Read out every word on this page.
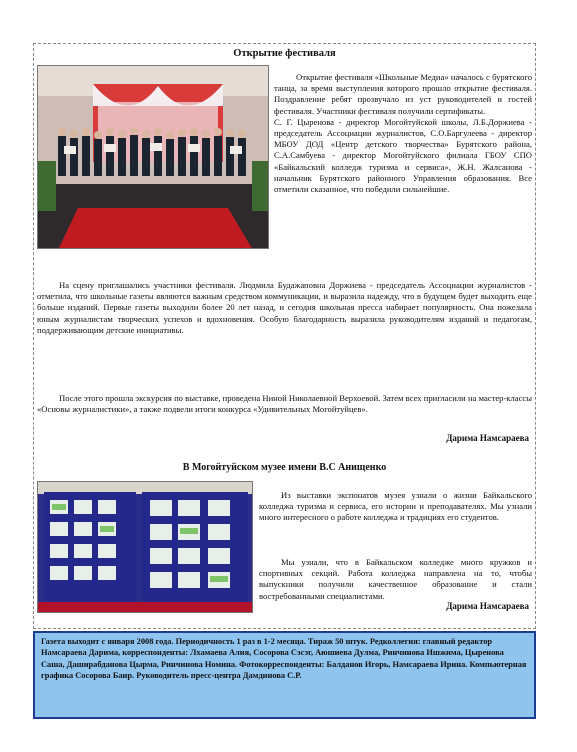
Открытие фестиваля

Открытие фестиваля «Школьные Медиа» началось с бурятского танца, за время выступления которого прошло открытие фестиваля. Поздравление ребят прозвучало из уст руководителей и гостей фестиваля. Участники фестиваля получили сертификаты.

С. Г. Цыренова - директор Могойтуйской школы, Л.Б.Доржиева - председатель Ассоциации журналистов, С.О.Баргулеева - директор МБОУ ДОД «Центр детского творчества» Бурятского района, С.А.Самбуева - директор Могойтуйского филиала ГБОУ СПО «Байкальский колледж туризма и сервиса», Ж.Н. Жалсанова - начальник Бурятского районного Управления образования. Все отметили сказанное, что победили сильнейшие.

На сцену приглашались участники фестиваля. Людмила Будажаповна Доржиева - председатель Ассоциации журналистов - отметила, что школьные газеты являются важным средством коммуникации, и выразила надежду, что в будущем будет выходить еще больше изданий. Первые газеты выходили более 20 лет назад, и сегодня школьная пресса набирает популярность. Она пожелала юным журналистам творческих успехов и вдохновения. Особую благодарность выразила руководителям изданий и педагогам, поддерживающим детские инициативы.

После этого прошла экскурсия по выставке, проведена Ниной Николаевной Верхоевой. Затем всех пригласили на мастер-классы «Основы журналистики», а также подвели итоги конкурса «Удивительных Могойтуйцев».

Дарима Намсараева
В Могойтуйском музее имени В.С Анищенко

Из выставки экспонатов музея узнали о жизни Байкальского колледжа туризма и сервиса, его истории и преподавателях. Мы узнали много интересного о работе колледжа и традициях его студентов.

Мы узнали, что в Байкальском колледже много кружков и спортивных секций. Работа колледжа направлена на то, чтобы выпускники получили качественное образование и стали востребованными специалистами.

Дарима Намсараева
Газета выходит с января 2008 года. Периодичность 1 раз в 1-2 месяца. Тираж 50 штук. Редколлегия: главный редактор Намсараева Дарима, корреспонденты: Лхамаева Алия, Сосорова Сэсэг, Аюшиева Дулма, Ринчинова Ишжима, Цыренова Саша, Даширабданова Цырма, Ринчинова Номина. Фотокорреспонденты: Балданов Игорь, Намсараева Ирина. Компьютерная графика Сосорова Баир. Руководитель пресс-центра Дамдинова С.Р.
